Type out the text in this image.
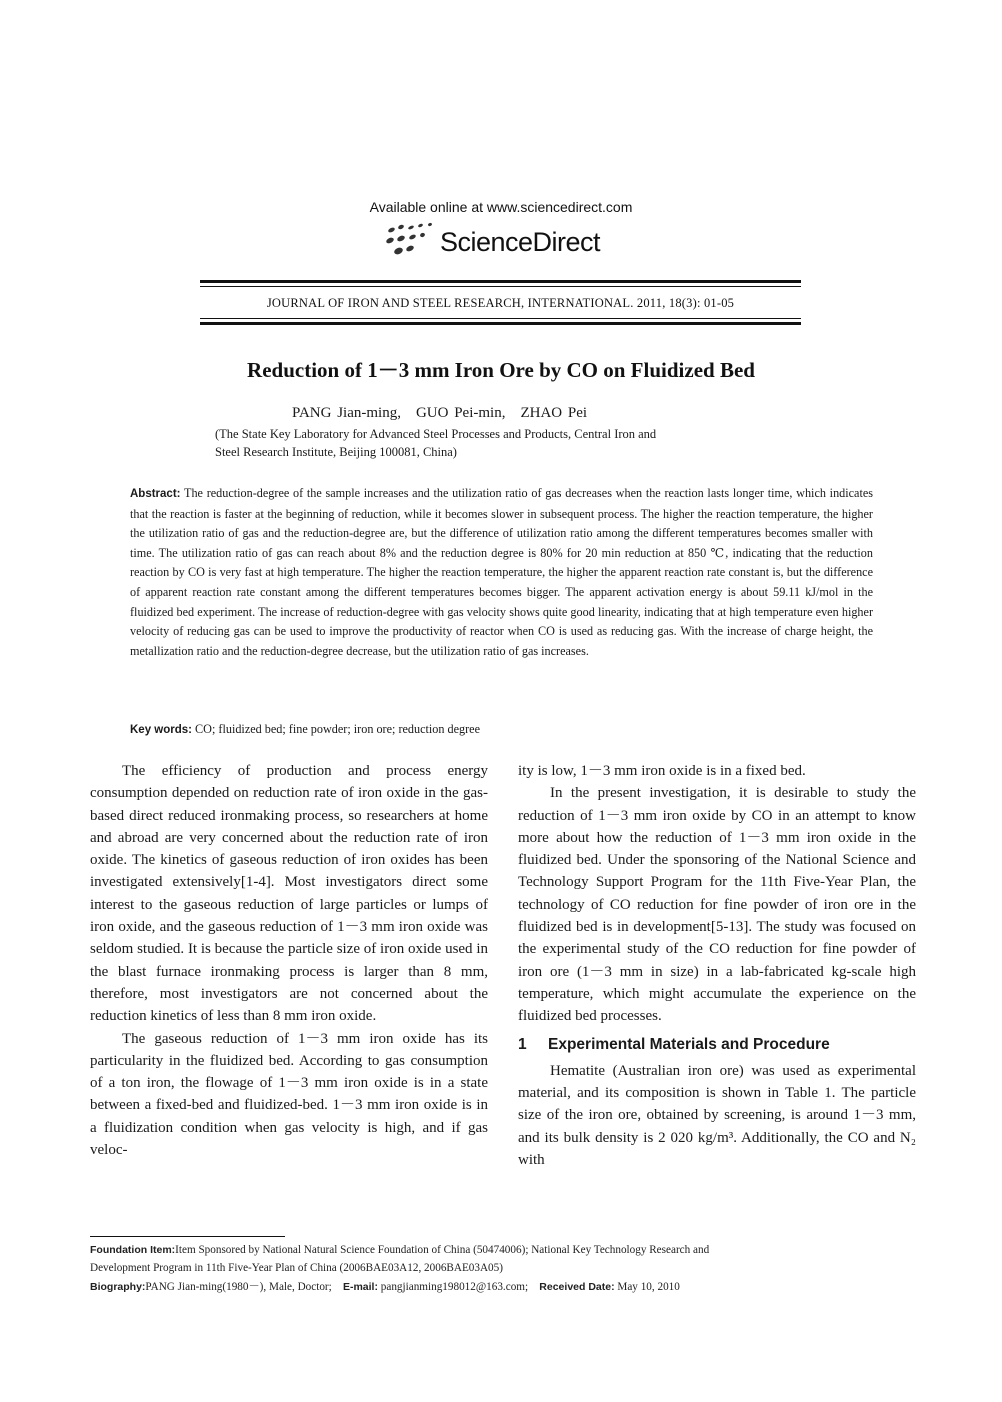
Available online at www.sciencedirect.com
ScienceDirect
JOURNAL OF IRON AND STEEL RESEARCH, INTERNATIONAL. 2011, 18(3): 01-05
Reduction of 1－3 mm Iron Ore by CO on Fluidized Bed
PANG Jian-ming,　GUO Pei-min,　ZHAO Pei
(The State Key Laboratory for Advanced Steel Processes and Products, Central Iron and
Steel Research Institute, Beijing 100081, China)
Abstract: The reduction-degree of the sample increases and the utilization ratio of gas decreases when the reaction lasts longer time, which indicates that the reaction is faster at the beginning of reduction, while it becomes slower in subsequent process. The higher the reaction temperature, the higher the utilization ratio of gas and the reduction-degree are, but the difference of utilization ratio among the different temperatures becomes smaller with time. The utilization ratio of gas can reach about 8% and the reduction degree is 80% for 20 min reduction at 850 ℃, indicating that the reduction reaction by CO is very fast at high temperature. The higher the reaction temperature, the higher the apparent reaction rate constant is, but the difference of apparent reaction rate constant among the different temperatures becomes bigger. The apparent activation energy is about 59.11 kJ/mol in the fluidized bed experiment. The increase of reduction-degree with gas velocity shows quite good linearity, indicating that at high temperature even higher velocity of reducing gas can be used to improve the productivity of reactor when CO is used as reducing gas. With the increase of charge height, the metallization ratio and the reduction-degree decrease, but the utilization ratio of gas increases.
Key words: CO; fluidized bed; fine powder; iron ore; reduction degree

The efficiency of production and process energy consumption depended on reduction rate of iron oxide in the gas-based direct reduced ironmaking process, so researchers at home and abroad are very concerned about the reduction rate of iron oxide. The kinetics of gaseous reduction of iron oxides has been investigated extensively[1-4]. Most investigators direct some interest to the gaseous reduction of large particles or lumps of iron oxide, and the gaseous reduction of 1－3 mm iron oxide was seldom studied. It is because the particle size of iron oxide used in the blast furnace ironmaking process is larger than 8 mm, therefore, most investigators are not concerned about the reduction kinetics of less than 8 mm iron oxide.

The gaseous reduction of 1－3 mm iron oxide has its particularity in the fluidized bed. According to gas consumption of a ton iron, the flowage of 1－3 mm iron oxide is in a state between a fixed-bed and fluidized-bed. 1－3 mm iron oxide is in a fluidization condition when gas velocity is high, and if gas veloc-

ity is low, 1－3 mm iron oxide is in a fixed bed.

In the present investigation, it is desirable to study the reduction of 1－3 mm iron oxide by CO in an attempt to know more about how the reduction of 1－3 mm iron oxide in the fluidized bed. Under the sponsoring of the National Science and Technology Support Program for the 11th Five-Year Plan, the technology of CO reduction for fine powder of iron ore in the fluidized bed is in development[5-13]. The study was focused on the experimental study of the CO reduction for fine powder of iron ore (1－3 mm in size) in a lab-fabricated kg-scale high temperature, which might accumulate the experience on the fluidized bed processes.

1 Experimental Materials and Procedure

Hematite (Australian iron ore) was used as experimental material, and its composition is shown in Table 1. The particle size of the iron ore, obtained by screening, is around 1－3 mm, and its bulk density is 2 020 kg/m³. Additionally, the CO and N₂ with

Foundation Item:Item Sponsored by National Natural Science Foundation of China (50474006); National Key Technology Research and
Development Program in 11th Five-Year Plan of China (2006BAE03A12, 2006BAE03A05)
Biography:PANG Jian-ming(1980－), Male, Doctor; E-mail: pangjianming198012@163.com; Received Date: May 10, 2010
